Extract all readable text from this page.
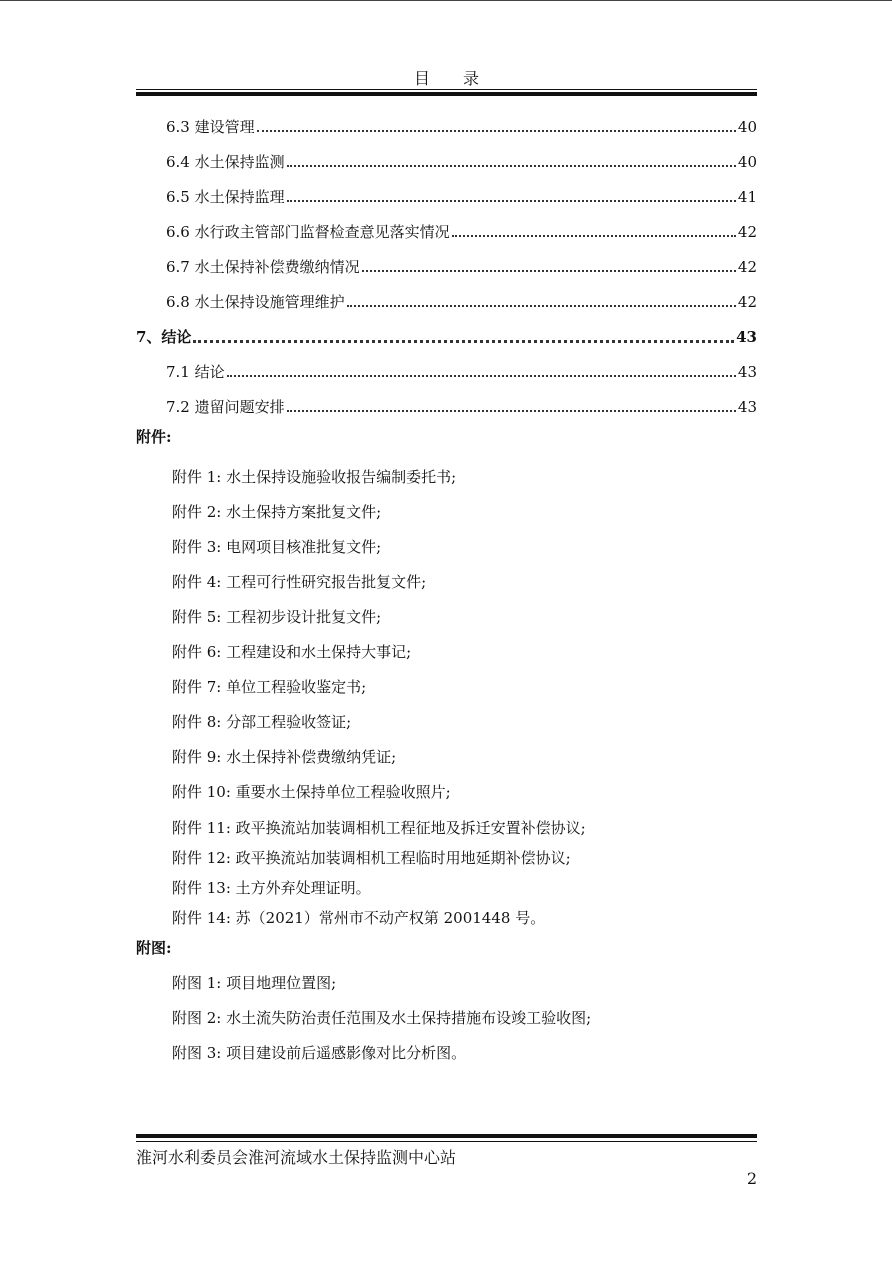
目 录
6.3 建设管理	40
6.4 水土保持监测	40
6.5 水土保持监理	41
6.6 水行政主管部门监督检查意见落实情况	42
6.7 水土保持补偿费缴纳情况	42
6.8 水土保持设施管理维护	42
7、结论	43
7.1 结论	43
7.2 遗留问题安排	43
附件:
附件 1: 水土保持设施验收报告编制委托书;
附件 2: 水土保持方案批复文件;
附件 3: 电网项目核准批复文件;
附件 4: 工程可行性研究报告批复文件;
附件 5: 工程初步设计批复文件;
附件 6: 工程建设和水土保持大事记;
附件 7: 单位工程验收鉴定书;
附件 8: 分部工程验收签证;
附件 9: 水土保持补偿费缴纳凭证;
附件 10: 重要水土保持单位工程验收照片;
附件 11: 政平换流站加装调相机工程征地及拆迁安置补偿协议;
附件 12: 政平换流站加装调相机工程临时用地延期补偿协议;
附件 13: 土方外弃处理证明。
附件 14: 苏（2021）常州市不动产权第 2001448 号。
附图:
附图 1: 项目地理位置图;
附图 2: 水土流失防治责任范围及水土保持措施布设竣工验收图;
附图 3: 项目建设前后遥感影像对比分析图。
淮河水利委员会淮河流域水土保持监测中心站
2
